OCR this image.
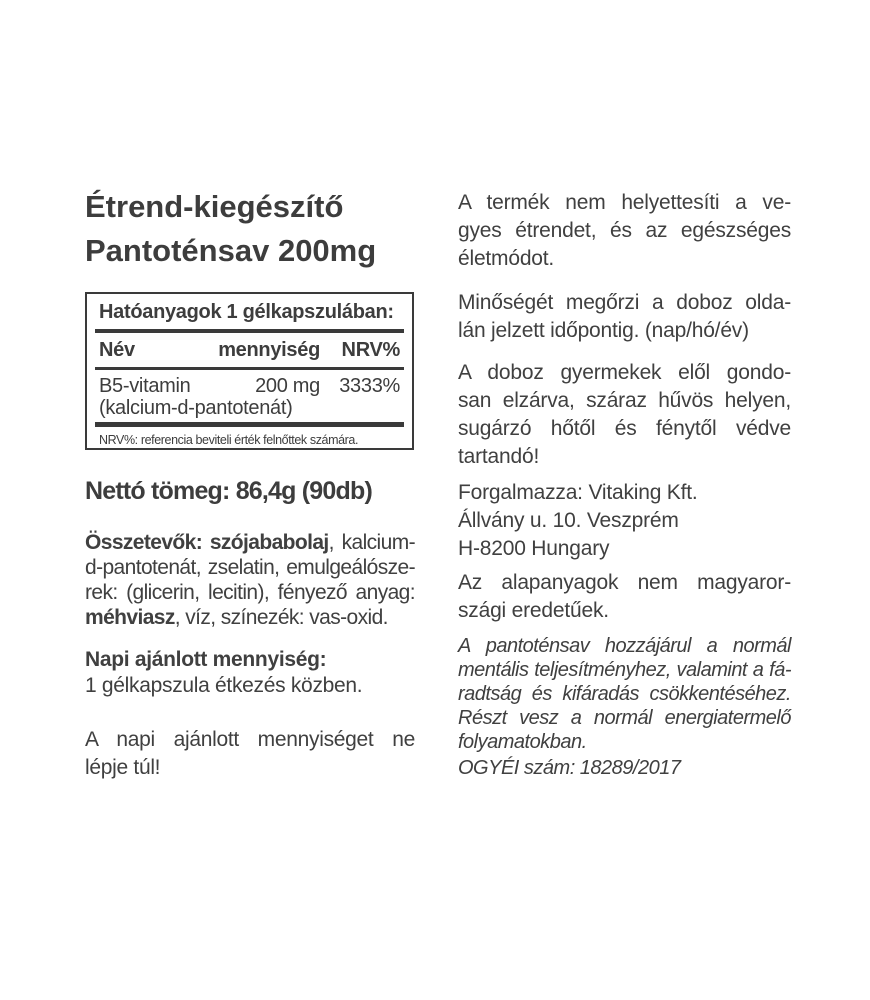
Étrend-kiegészítő
Pantoténsav 200mg
Hatóanyagok 1 gélkapszulában:
Név	mennyiség NRV%
B5-vitamin
(kalcium-d-pantotenát)
200 mg 3333%
NRV%: referencia beviteli érték felnőttek számára.
Nettó tömeg: 86,4g (90db)
Összetevők: szójababolaj, kalcium-
d-pantotenát, zselatin, emulgeálósze-
rek: (glicerin, lecitin), fényező anyag:
méhviasz, víz, színezék: vas-oxid.
Napi ajánlott mennyiség:
1 gélkapszula étkezés közben.
A napi ajánlott mennyiséget ne
lépje túl!
A termék nem helyettesíti a ve-
gyes étrendet, és az egészséges
életmódot.
Minőségét megőrzi a doboz olda-
lán jelzett időpontig. (nap/hó/év)
A doboz gyermekek elől gondo-
san elzárva, száraz hűvös helyen,
sugárzó hőtől és fénytől védve
tartandó!
Forgalmazza: Vitaking Kft.
Állvány u. 10. Veszprém
H-8200 Hungary
Az alapanyagok nem magyaror-
szági eredetűek.
A pantoténsav hozzájárul a normál
mentális teljesítményhez, valamint a fá-
radtság és kifáradás csökkentéséhez.
Részt vesz a normál energiatermelő
folyamatokban.
OGYÉI szám: 18289/2017
